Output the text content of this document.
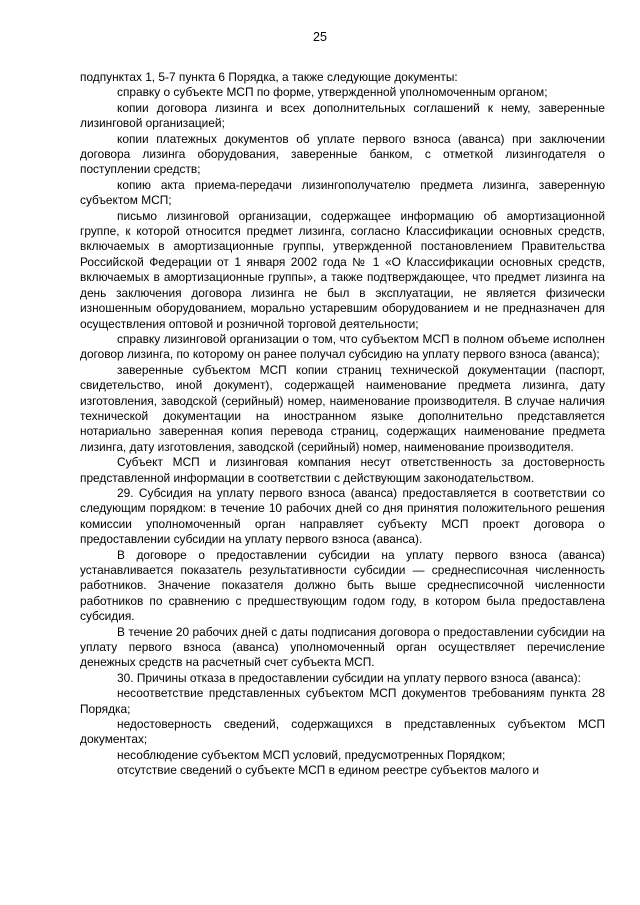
25

подпунктах 1, 5-7 пункта 6 Порядка, а также следующие документы:

справку о субъекте МСП по форме, утвержденной уполномоченным органом;

копии договора лизинга и всех дополнительных соглашений к нему, заверенные лизинговой организацией;

копии платежных документов об уплате первого взноса (аванса) при заключении договора лизинга оборудования, заверенные банком, с отметкой лизингодателя о поступлении средств;

копию акта приема-передачи лизингополучателю предмета лизинга, заверенную субъектом МСП;

письмо лизинговой организации, содержащее информацию об амортизационной группе, к которой относится предмет лизинга, согласно Классификации основных средств, включаемых в амортизационные группы, утвержденной постановлением Правительства Российской Федерации от 1 января 2002 года № 1 «О Классификации основных средств, включаемых в амортизационные группы», а также подтверждающее, что предмет лизинга на день заключения договора лизинга не был в эксплуатации, не является физически изношенным оборудованием, морально устаревшим оборудованием и не предназначен для осуществления оптовой и розничной торговой деятельности;

справку лизинговой организации о том, что субъектом МСП в полном объеме исполнен договор лизинга, по которому он ранее получал субсидию на уплату первого взноса (аванса);

заверенные субъектом МСП копии страниц технической документации (паспорт, свидетельство, иной документ), содержащей наименование предмета лизинга, дату изготовления, заводской (серийный) номер, наименование производителя. В случае наличия технической документации на иностранном языке дополнительно представляется нотариально заверенная копия перевода страниц, содержащих наименование предмета лизинга, дату изготовления, заводской (серийный) номер, наименование производителя.

Субъект МСП и лизинговая компания несут ответственность за достоверность представленной информации в соответствии с действующим законодательством.

29. Субсидия на уплату первого взноса (аванса) предоставляется в соответствии со следующим порядком: в течение 10 рабочих дней со дня принятия положительного решения комиссии уполномоченный орган направляет субъекту МСП проект договора о предоставлении субсидии на уплату первого взноса (аванса).

В договоре о предоставлении субсидии на уплату первого взноса (аванса) устанавливается показатель результативности субсидии — среднесписочная численность работников. Значение показателя должно быть выше среднесписочной численности работников по сравнению с предшествующим годом году, в котором была предоставлена субсидия.

В течение 20 рабочих дней с даты подписания договора о предоставлении субсидии на уплату первого взноса (аванса) уполномоченный орган осуществляет перечисление денежных средств на расчетный счет субъекта МСП.

30. Причины отказа в предоставлении субсидии на уплату первого взноса (аванса):

несоответствие представленных субъектом МСП документов требованиям пункта 28 Порядка;

недостоверность сведений, содержащихся в представленных субъектом МСП документах;

несоблюдение субъектом МСП условий, предусмотренных Порядком;

отсутствие сведений о субъекте МСП в едином реестре субъектов малого и
